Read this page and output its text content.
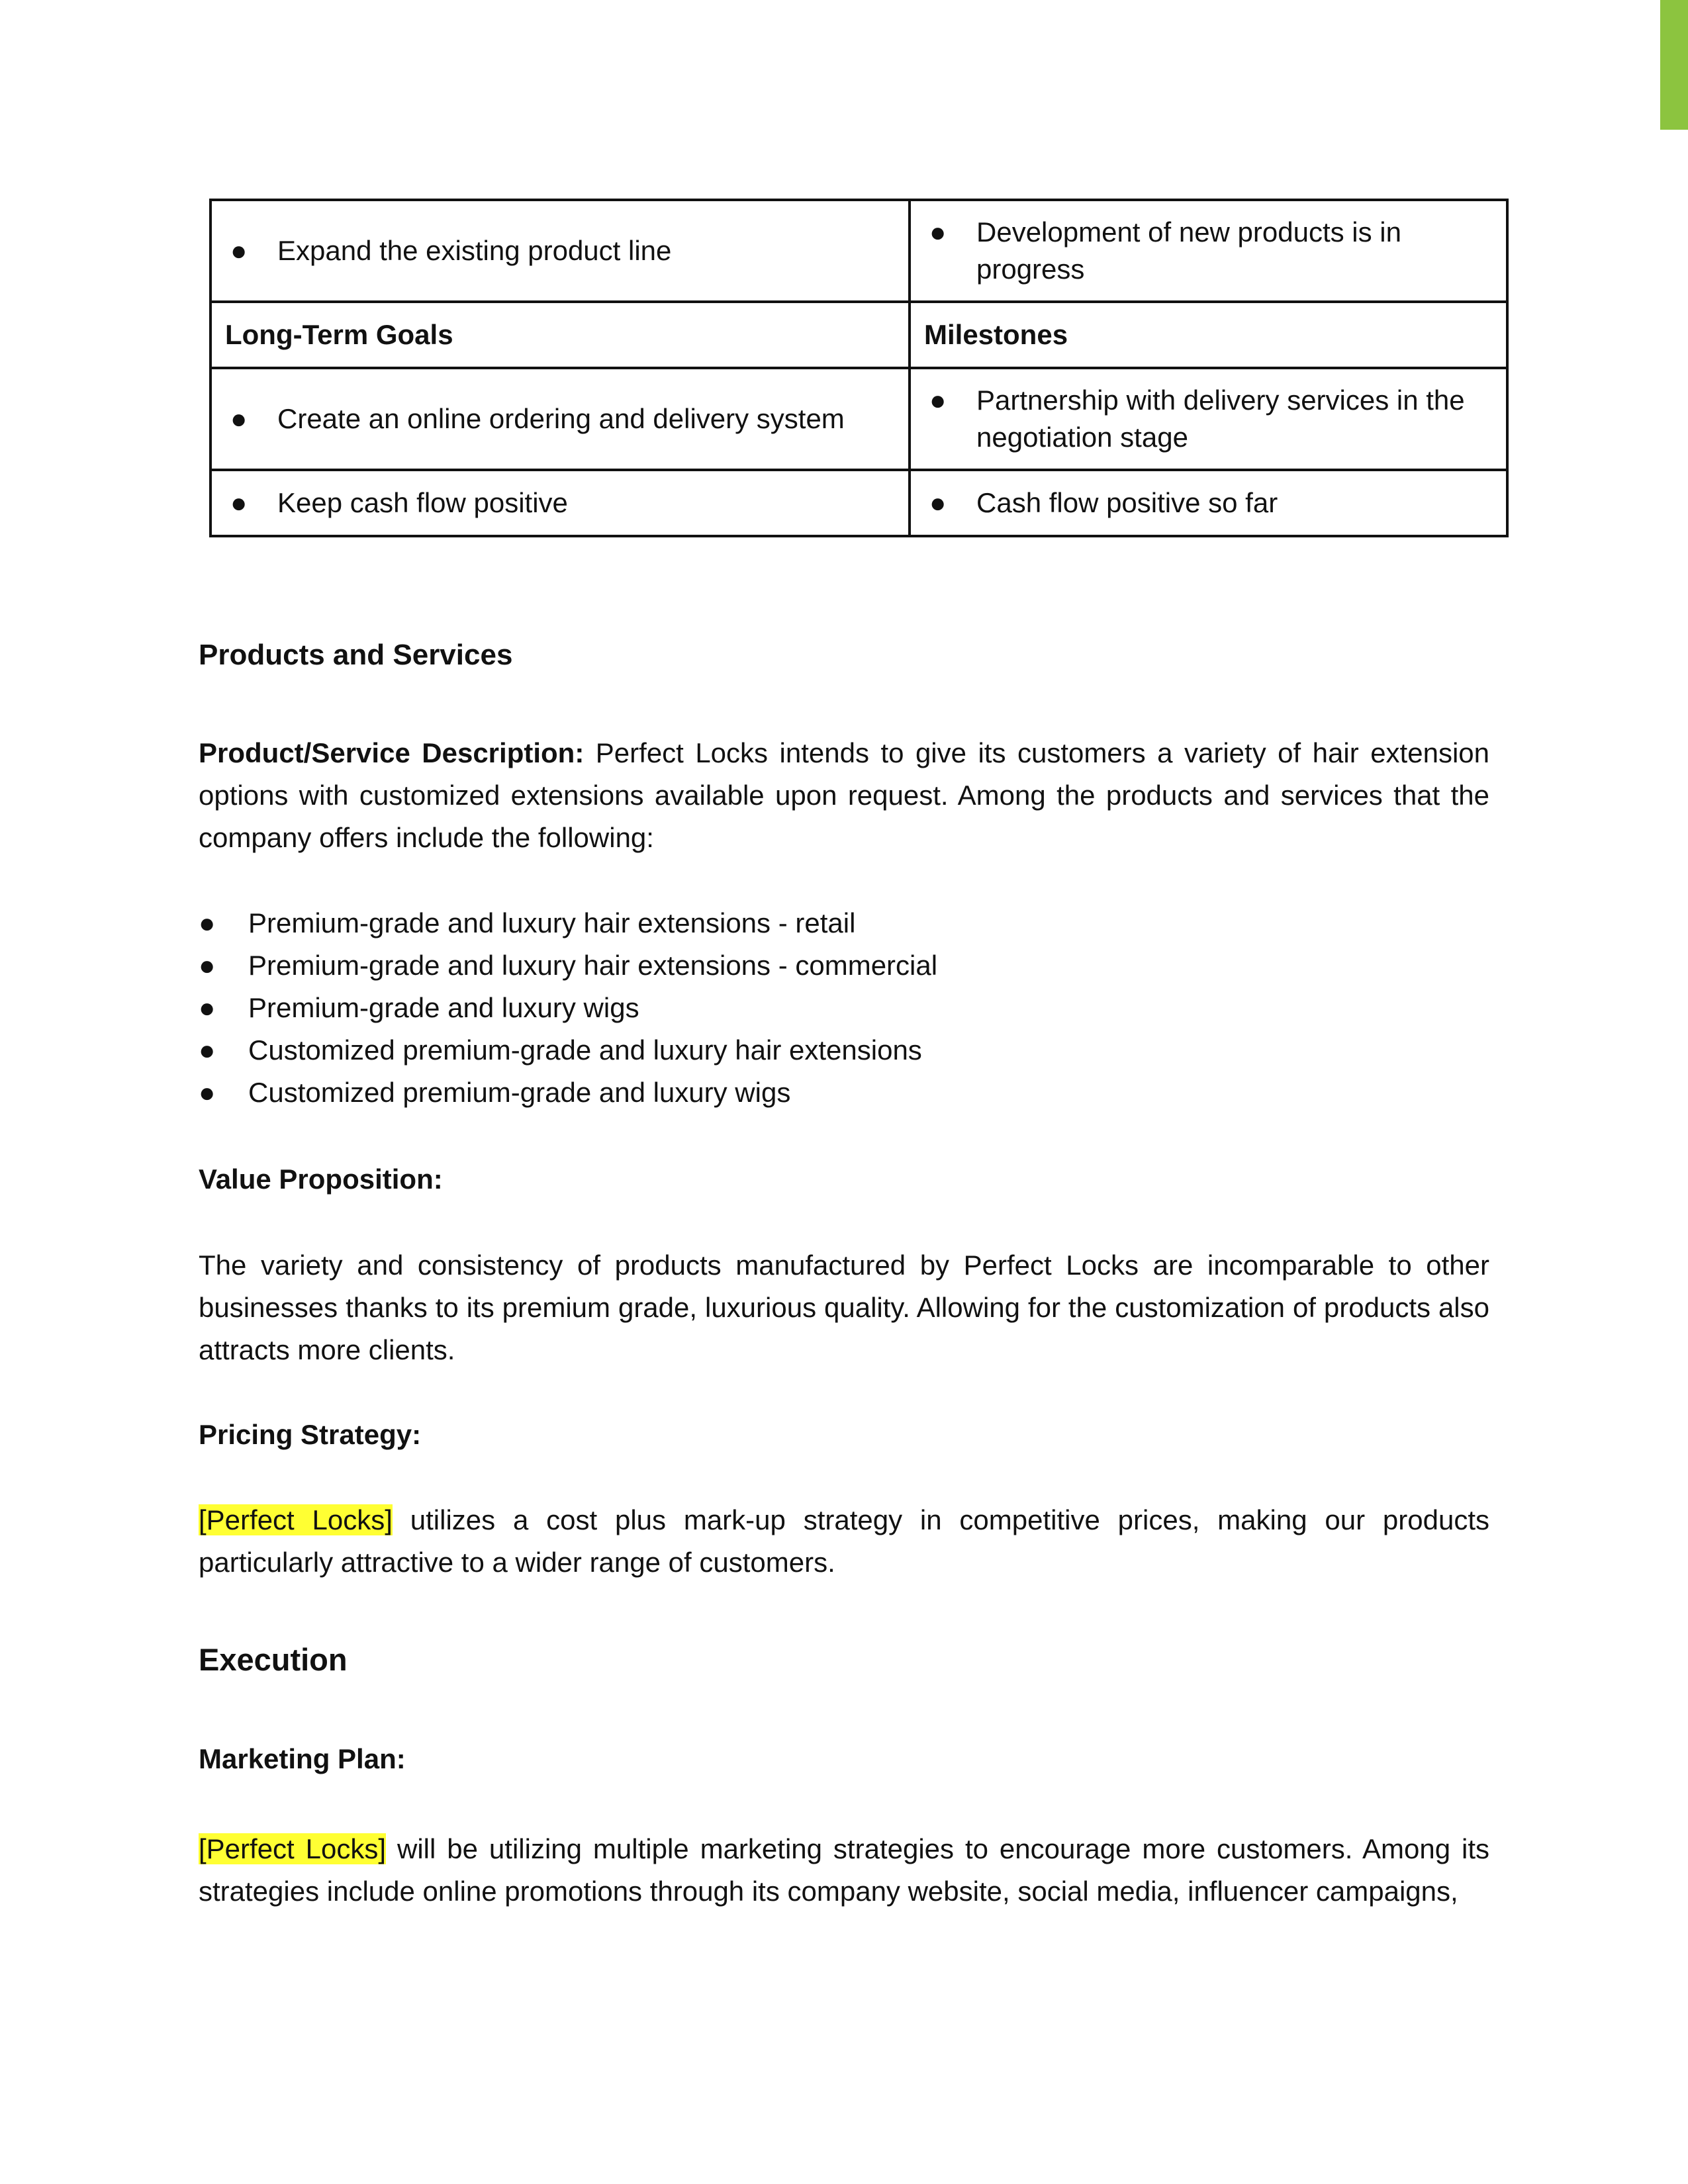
● Expand the existing product line	● Development of new products is in progress

Long-Term Goals	Milestones

● Create an online ordering and delivery system	● Partnership with delivery services in the negotiation stage

● Keep cash flow positive	● Cash flow positive so far
Products and Services

Product/Service Description: Perfect Locks intends to give its customers a variety of hair extension options with customized extensions available upon request. Among the products and services that the company offers include the following:

●	Premium-grade and luxury hair extensions - retail
●	Premium-grade and luxury hair extensions - commercial
●	Premium-grade and luxury wigs
●	Customized premium-grade and luxury hair extensions
●	Customized premium-grade and luxury wigs
Value Proposition:

The variety and consistency of products manufactured by Perfect Locks are incomparable to other businesses thanks to its premium grade, luxurious quality. Allowing for the customization of products also attracts more clients.

Pricing Strategy:

[Perfect Locks] utilizes a cost plus mark-up strategy in competitive prices, making our products particularly attractive to a wider range of customers.

Execution
Marketing Plan:

[Perfect Locks] will be utilizing multiple marketing strategies to encourage more customers. Among its strategies include online promotions through its company website, social media, influencer campaigns,
